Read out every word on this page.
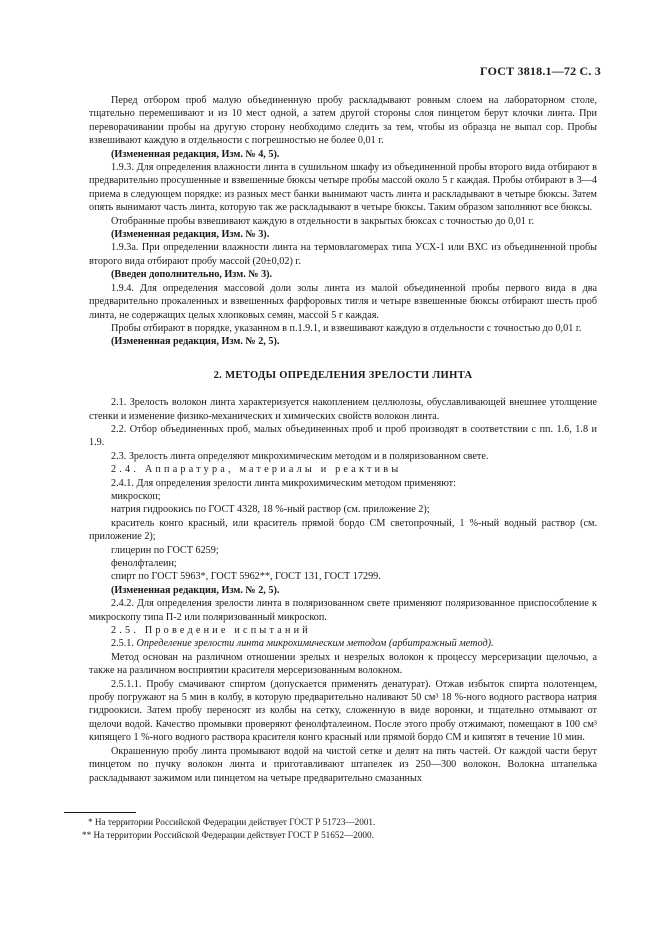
ГОСТ 3818.1—72 С. 3

Перед отбором проб малую объединенную пробу раскладывают ровным слоем на лабораторном столе, тщательно перемешивают и из 10 мест одной, а затем другой стороны слоя пинцетом берут клочки линта. При переворачивании пробы на другую сторону необходимо следить за тем, чтобы из образца не выпал сор. Пробы взвешивают каждую в отдельности с погрешностью не более 0,01 г.

(Измененная редакция, Изм. № 4, 5).

1.9.3. Для определения влажности линта в сушильном шкафу из объединенной пробы второго вида отбирают в предварительно просушенные и взвешенные бюксы четыре пробы массой около 5 г каждая. Пробы отбирают в 3—4 приема в следующем порядке: из разных мест банки вынимают часть линта и раскладывают в четыре бюксы. Затем опять вынимают часть линта, которую так же раскладывают в четыре бюксы. Таким образом заполняют все бюксы.

Отобранные пробы взвешивают каждую в отдельности в закрытых бюксах с точностью до 0,01 г.

(Измененная редакция, Изм. № 3).

1.9.3а. При определении влажности линта на термовлагомерах типа УСХ-1 или ВХС из объединенной пробы второго вида отбирают пробу массой (20±0,02) г.

(Введен дополнительно, Изм. № 3).

1.9.4. Для определения массовой доли золы линта из малой объединенной пробы первого вида в два предварительно прокаленных и взвешенных фарфоровых тигля и четыре взвешенные бюксы отбирают шесть проб линта, не содержащих целых хлопковых семян, массой 5 г каждая.

Пробы отбирают в порядке, указанном в п.1.9.1, и взвешивают каждую в отдельности с точностью до 0,01 г.

(Измененная редакция, Изм. № 2, 5).

2. МЕТОДЫ ОПРЕДЕЛЕНИЯ ЗРЕЛОСТИ ЛИНТА

2.1. Зрелость волокон линта характеризуется накоплением целлюлозы, обуславливающей внешнее утолщение стенки и изменение физико-механических и химических свойств волокон линта.

2.2. Отбор объединенных проб, малых объединенных проб и проб производят в соответствии с пп. 1.6, 1.8 и 1.9.

2.3. Зрелость линта определяют микрохимическим методом и в поляризованном свете.

2.4. Аппаратура, материалы и реактивы

2.4.1. Для определения зрелости линта микрохимическим методом применяют:

микроскоп;

натрия гидроокись по ГОСТ 4328, 18 %-ный раствор (см. приложение 2);

краситель конго красный, или краситель прямой бордо СМ светопрочный, 1 %-ный водный раствор (см. приложение 2);

глицерин по ГОСТ 6259;

фенолфталеин;

спирт по ГОСТ 5963*, ГОСТ 5962**, ГОСТ 131, ГОСТ 17299.

(Измененная редакция, Изм. № 2, 5).

2.4.2. Для определения зрелости линта в поляризованном свете применяют поляризованное приспособление к микроскопу типа П-2 или поляризованный микроскоп.

2.5. Проведение испытаний

2.5.1. Определение зрелости линта микрохимическим методом (арбитражный метод).

Метод основан на различном отношении зрелых и незрелых волокон к процессу мерсеризации щелочью, а также на различном восприятии красителя мерсеризованным волокном.

2.5.1.1. Пробу смачивают спиртом (допускается применять денатурат). Отжав избыток спирта полотенцем, пробу погружают на 5 мин в колбу, в которую предварительно наливают 50 см³ 18 %-ного водного раствора натрия гидроокиси. Затем пробу переносят из колбы на сетку, сложенную в виде воронки, и тщательно отмывают от щелочи водой. Качество промывки проверяют фенолфталеином. После этого пробу отжимают, помещают в 100 см³ кипящего 1 %-ного водного раствора красителя конго красный или прямой бордо СМ и кипятят в течение 10 мин.

Окрашенную пробу линта промывают водой на чистой сетке и делят на пять частей. От каждой части берут пинцетом по пучку волокон линта и приготавливают штапелек из 250—300 волокон. Волокна штапелька раскладывают зажимом или пинцетом на четыре предварительно смазанных

* На территории Российской Федерации действует ГОСТ Р 51723—2001.

** На территории Российской Федерации действует ГОСТ Р 51652—2000.
